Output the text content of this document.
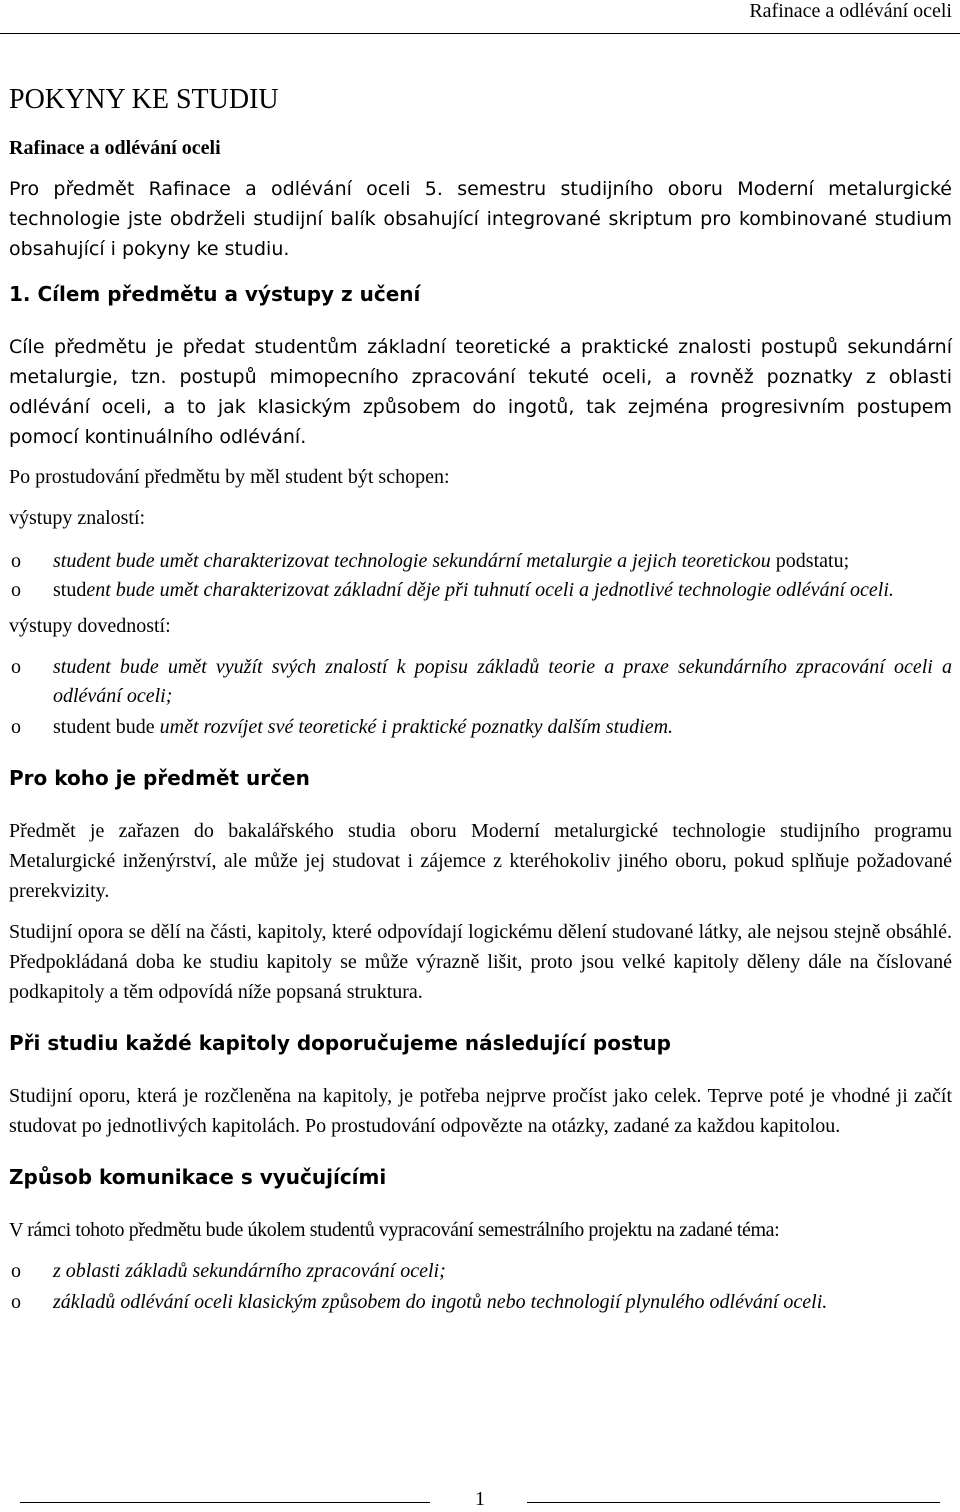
Rafinace a odlévání oceli
POKYNY KE STUDIU
Rafinace a odlévání oceli

Pro předmět Rafinace a odlévání oceli 5. semestru studijního oboru Moderní metalurgické technologie jste obdrželi studijní balík obsahující integrované skriptum pro kombinované studium obsahující i pokyny ke studiu.

1. Cílem předmětu a výstupy z učení

Cíle předmětu je předat studentům základní teoretické a praktické znalosti postupů sekundární metalurgie, tzn. postupů mimopecního zpracování tekuté oceli, a rovněž poznatky z oblasti odlévání oceli, a to jak klasickým způsobem do ingotů, tak zejména progresivním postupem pomocí kontinuálního odlévání.

Po prostudování předmětu by měl student být schopen:

výstupy znalostí:

o student bude umět charakterizovat technologie sekundární metalurgie a jejich teoretickou podstatu;
o student bude umět charakterizovat základní děje při tuhnutí oceli a jednotlivé technologie odlévání oceli.

výstupy dovedností:

o student bude umět využít svých znalostí k popisu základů teorie a praxe sekundárního zpracování oceli a odlévání oceli;
o student bude umět rozvíjet své teoretické i praktické poznatky dalším studiem.
Pro koho je předmět určen

Předmět je zařazen do bakalářského studia oboru Moderní metalurgické technologie studijního programu Metalurgické inženýrství, ale může jej studovat i zájemce z kteréhokoliv jiného oboru, pokud splňuje požadované prerekvizity.

Studijní opora se dělí na části, kapitoly, které odpovídají logickému dělení studované látky, ale nejsou stejně obsáhlé. Předpokládaná doba ke studiu kapitoly se může výrazně lišit, proto jsou velké kapitoly děleny dále na číslované podkapitoly a těm odpovídá níže popsaná struktura.

Při studiu každé kapitoly doporučujeme následující postup

Studijní oporu, která je rozčleněna na kapitoly, je potřeba nejprve pročíst jako celek. Teprve poté je vhodné ji začít studovat po jednotlivých kapitolách. Po prostudování odpovězte na otázky, zadané za každou kapitolou.

Způsob komunikace s vyučujícími

V rámci tohoto předmětu bude úkolem studentů vypracování semestrálního projektu na zadané téma:

o z oblasti základů sekundárního zpracování oceli;
o základů odlévání oceli klasickým způsobem do ingotů nebo technologií plynulého odlévání oceli.
1
